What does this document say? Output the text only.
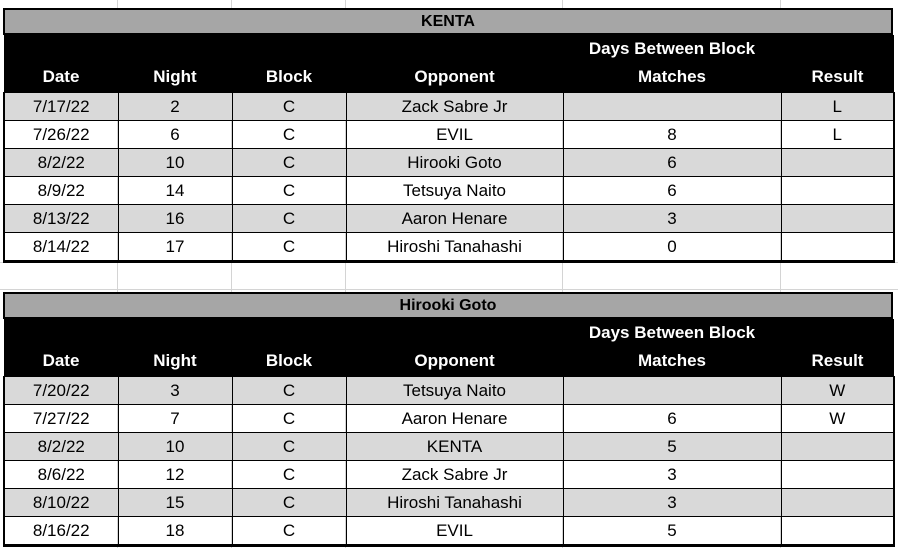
KENTA
Date	Night	Block	Opponent	Days Between Block Matches	Result
7/17/22	2	C	Zack Sabre Jr		L
7/26/22	6	C	EVIL	8	L
8/2/22	10	C	Hirooki Goto	6	
8/9/22	14	C	Tetsuya Naito	6	
8/13/22	16	C	Aaron Henare	3	
8/14/22	17	C	Hiroshi Tanahashi	0	
Hirooki Goto
Date	Night	Block	Opponent	Days Between Block Matches	Result
7/20/22	3	C	Tetsuya Naito		W
7/27/22	7	C	Aaron Henare	6	W
8/2/22	10	C	KENTA	5	
8/6/22	12	C	Zack Sabre Jr	3	
8/10/22	15	C	Hiroshi Tanahashi	3	
8/16/22	18	C	EVIL	5	
